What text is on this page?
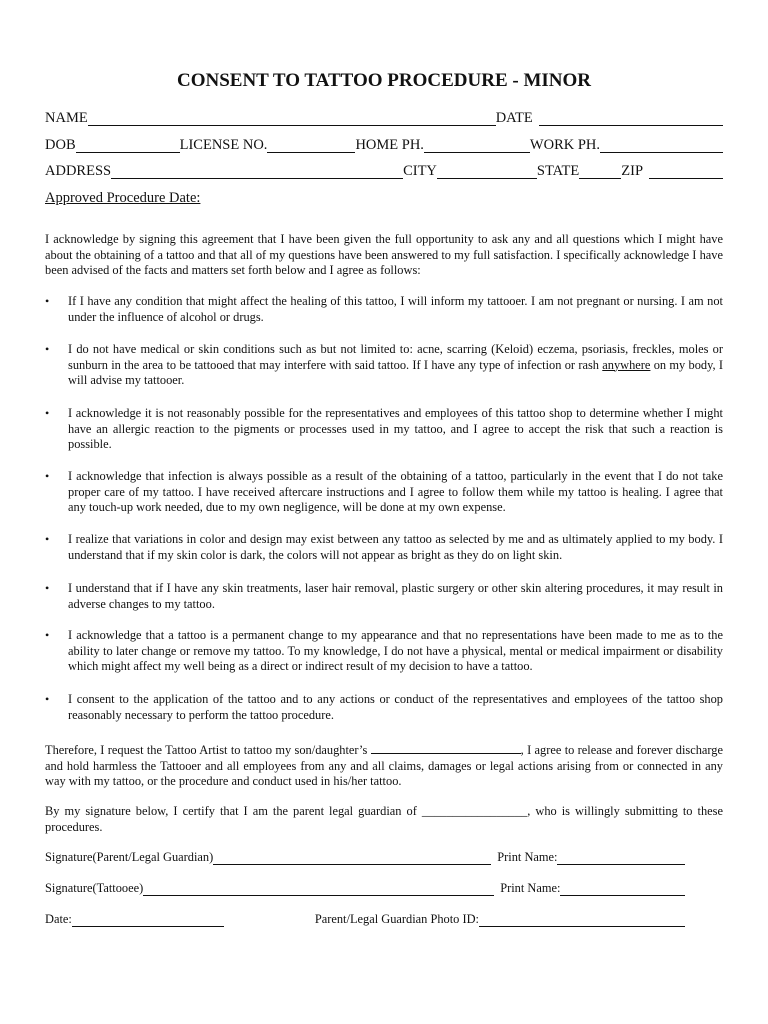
CONSENT TO TATTOO PROCEDURE - MINOR
NAME	DATE
DOB	LICENSE NO.	HOME PH.	WORK PH.
ADDRESS	CITY	STATE	ZIP
Approved Procedure Date:

I acknowledge by signing this agreement that I have been given the full opportunity to ask any and all questions which I might have about the obtaining of a tattoo and that all of my questions have been answered to my full satisfaction. I specifically acknowledge I have been advised of the facts and matters set forth below and I agree as follows:

•	If I have any condition that might affect the healing of this tattoo, I will inform my tattooer. I am not pregnant or nursing. I am not under the influence of alcohol or drugs.
•	I do not have medical or skin conditions such as but not limited to: acne, scarring (Keloid) eczema, psoriasis, freckles, moles or sunburn in the area to be tattooed that may interfere with said tattoo. If I have any type of infection or rash anywhere on my body, I will advise my tattooer.
•	I acknowledge it is not reasonably possible for the representatives and employees of this tattoo shop to determine whether I might have an allergic reaction to the pigments or processes used in my tattoo, and I agree to accept the risk that such a reaction is possible.
•	I acknowledge that infection is always possible as a result of the obtaining of a tattoo, particularly in the event that I do not take proper care of my tattoo. I have received aftercare instructions and I agree to follow them while my tattoo is healing. I agree that any touch-up work needed, due to my own negligence, will be done at my own expense.
•	I realize that variations in color and design may exist between any tattoo as selected by me and as ultimately applied to my body. I understand that if my skin color is dark, the colors will not appear as bright as they do on light skin.
•	I understand that if I have any skin treatments, laser hair removal, plastic surgery or other skin altering procedures, it may result in adverse changes to my tattoo.
•	I acknowledge that a tattoo is a permanent change to my appearance and that no representations have been made to me as to the ability to later change or remove my tattoo. To my knowledge, I do not have a physical, mental or medical impairment or disability which might affect my well being as a direct or indirect result of my decision to have a tattoo.
•	I consent to the application of the tattoo and to any actions or conduct of the representatives and employees of the tattoo shop reasonably necessary to perform the tattoo procedure.

Therefore, I request the Tattoo Artist to tattoo my son/daughter’s	, I agree to release and forever discharge and hold harmless the Tattooer and all employees from any and all claims, damages or legal actions arising from or connected in any way with my tattoo, or the procedure and conduct used in his/her tattoo.

By my signature below, I certify that I am the parent legal guardian of _________________, who is willingly submitting to these procedures.

Signature(Parent/Legal Guardian)	Print Name:
Signature(Tattooee)	Print Name:
Date:	Parent/Legal Guardian Photo ID:
